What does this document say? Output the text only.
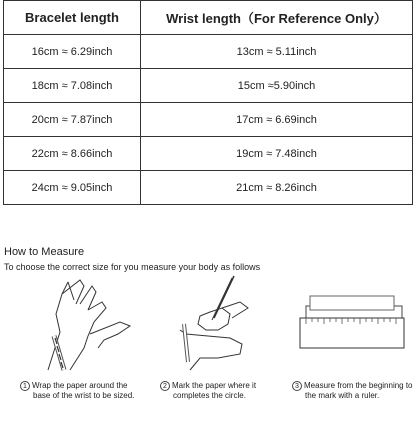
Bracelet length	Wrist length（For Reference Only）
16cm ≈ 6.29inch	13cm ≈ 5.11inch
18cm ≈ 7.08inch	15cm ≈5.90inch
20cm ≈ 7.87inch	17cm ≈ 6.69inch
22cm ≈ 8.66inch	19cm ≈ 7.48inch
24cm ≈ 9.05inch	21cm ≈ 8.26inch
How to Measure
To choose the correct size for you measure your body as follows
1 Wrap the paper around the
base of the wrist to be sized.
2 Mark the paper where it
completes the circle.
3 Measure from the beginning to
the mark with a ruler.
